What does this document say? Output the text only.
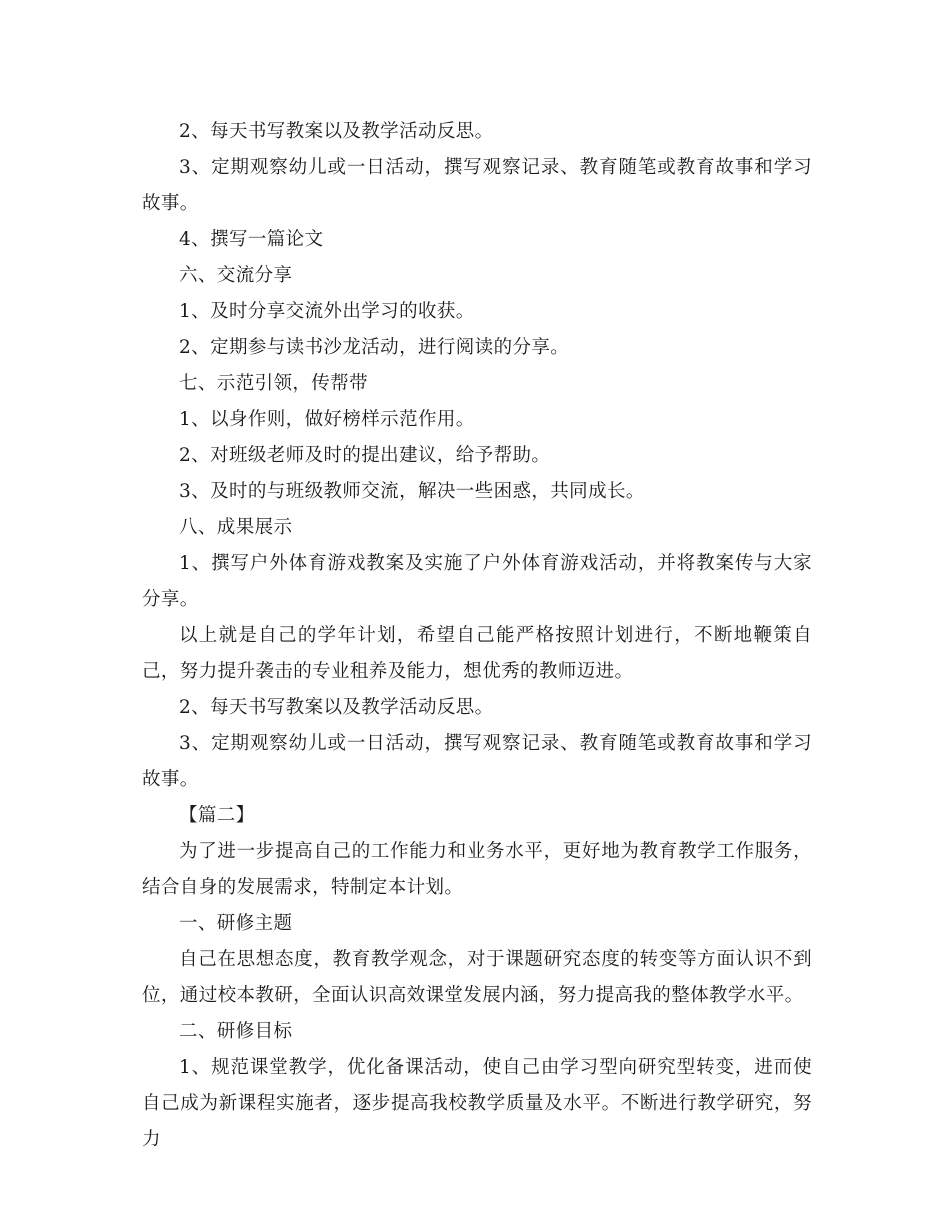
2、每天书写教案以及教学活动反思。

3、定期观察幼儿或一日活动，撰写观察记录、教育随笔或教育故事和学习故事。

4、撰写一篇论文

六、交流分享

1、及时分享交流外出学习的收获。

2、定期参与读书沙龙活动，进行阅读的分享。

七、示范引领，传帮带

1、以身作则，做好榜样示范作用。

2、对班级老师及时的提出建议，给予帮助。

3、及时的与班级教师交流，解决一些困惑，共同成长。

八、成果展示

1、撰写户外体育游戏教案及实施了户外体育游戏活动，并将教案传与大家分享。

以上就是自己的学年计划，希望自己能严格按照计划进行，不断地鞭策自己，努力提升袭击的专业租养及能力，想优秀的教师迈进。

2、每天书写教案以及教学活动反思。

3、定期观察幼儿或一日活动，撰写观察记录、教育随笔或教育故事和学习故事。

【篇二】

为了进一步提高自己的工作能力和业务水平，更好地为教育教学工作服务，结合自身的发展需求，特制定本计划。

一、研修主题

自己在思想态度，教育教学观念，对于课题研究态度的转变等方面认识不到位，通过校本教研，全面认识高效课堂发展内涵，努力提高我的整体教学水平。

二、研修目标

1、规范课堂教学，优化备课活动，使自己由学习型向研究型转变，进而使自己成为新课程实施者，逐步提高我校教学质量及水平。不断进行教学研究，努力
